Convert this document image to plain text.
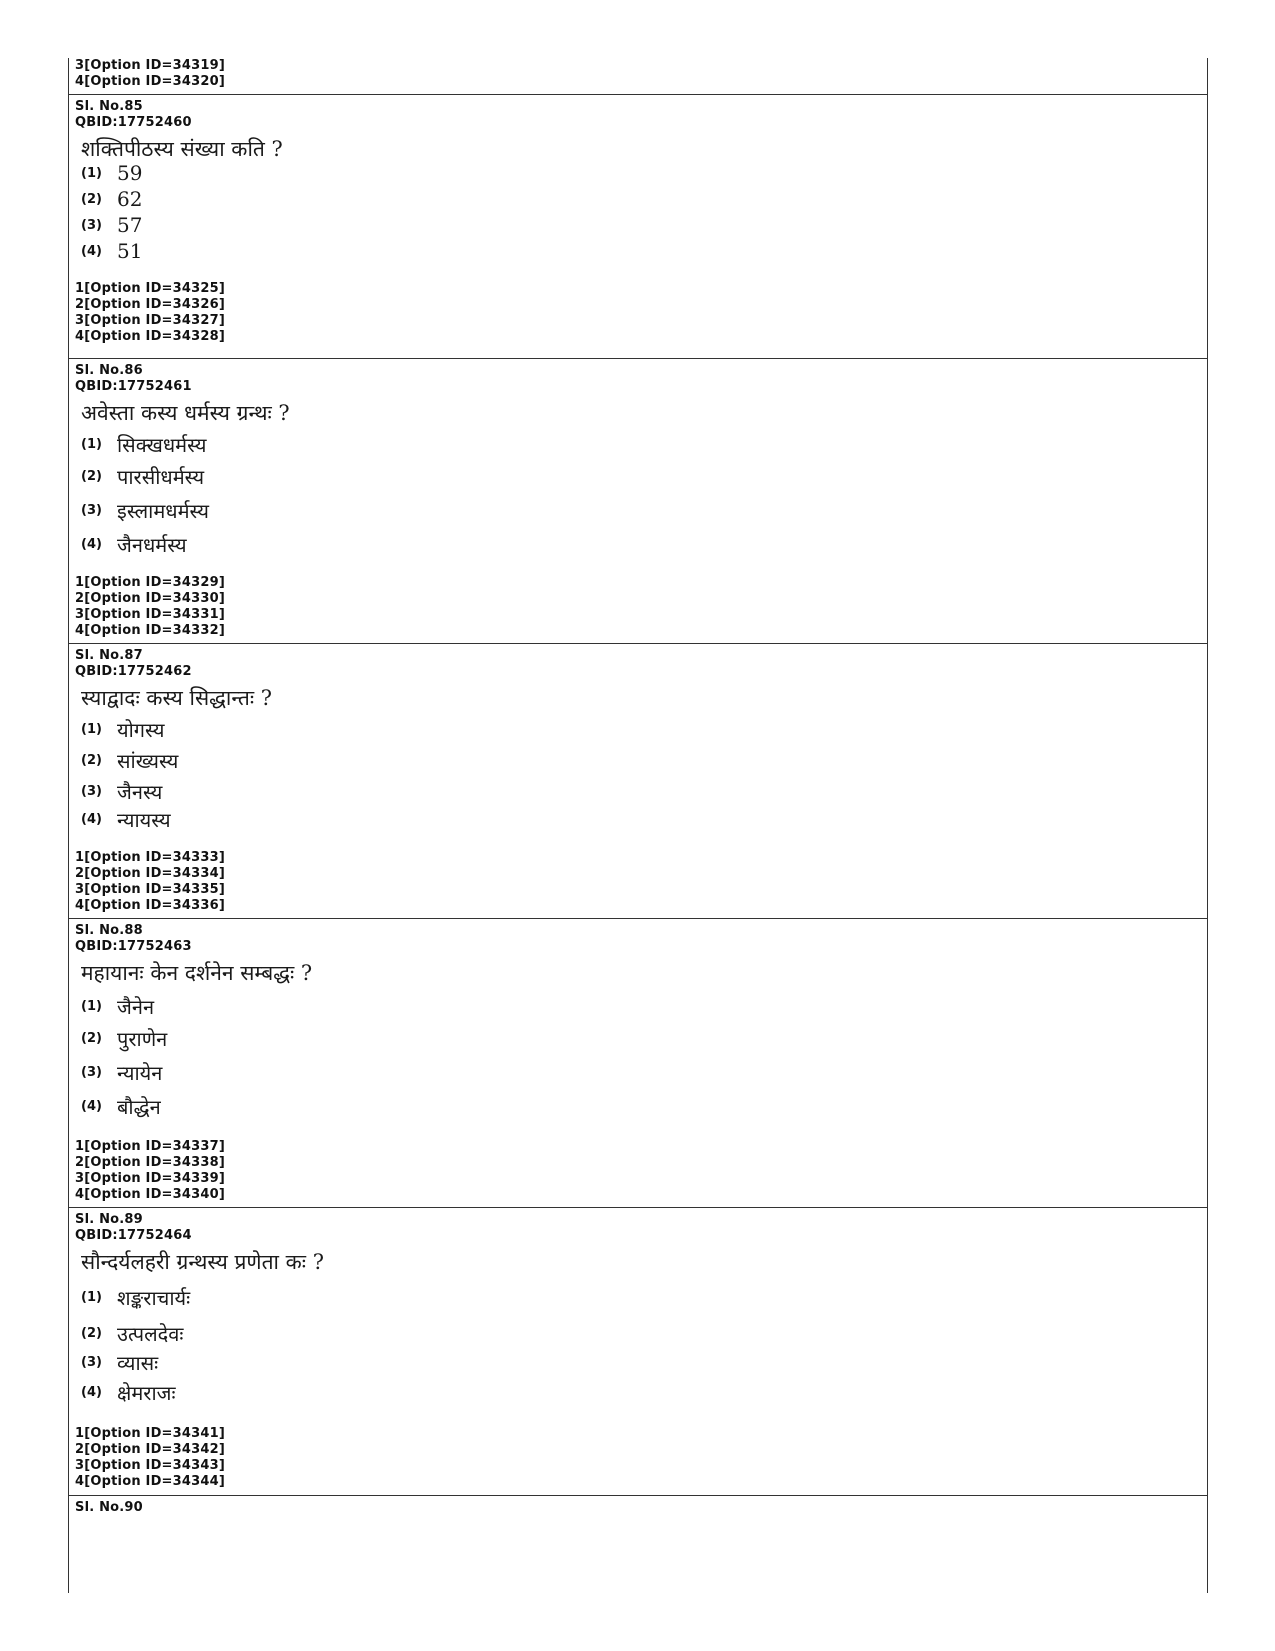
3[Option ID=34319]
4[Option ID=34320]
Sl. No.85
QBID:17752460
शक्तिपीठस्य संख्या कति ?
(1) 59
(2) 62
(3) 57
(4) 51
1[Option ID=34325]
2[Option ID=34326]
3[Option ID=34327]
4[Option ID=34328]
Sl. No.86
QBID:17752461
अवेस्ता कस्य धर्मस्य ग्रन्थः ?
(1) सिक्खधर्मस्य
(2) पारसीधर्मस्य
(3) इस्लामधर्मस्य
(4) जैनधर्मस्य
1[Option ID=34329]
2[Option ID=34330]
3[Option ID=34331]
4[Option ID=34332]
Sl. No.87
QBID:17752462
स्याद्वादः कस्य सिद्धान्तः ?
(1) योगस्य
(2) सांख्यस्य
(3) जैनस्य
(4) न्यायस्य
1[Option ID=34333]
2[Option ID=34334]
3[Option ID=34335]
4[Option ID=34336]
Sl. No.88
QBID:17752463
महायानः केन दर्शनेन सम्बद्धः ?
(1) जैनेन
(2) पुराणेन
(3) न्यायेन
(4) बौद्धेन
1[Option ID=34337]
2[Option ID=34338]
3[Option ID=34339]
4[Option ID=34340]
Sl. No.89
QBID:17752464
सौन्दर्यलहरी ग्रन्थस्य प्रणेता कः ?
(1) शङ्कराचार्यः
(2) उत्पलदेवः
(3) व्यासः
(4) क्षेमराजः
1[Option ID=34341]
2[Option ID=34342]
3[Option ID=34343]
4[Option ID=34344]
Sl. No.90
